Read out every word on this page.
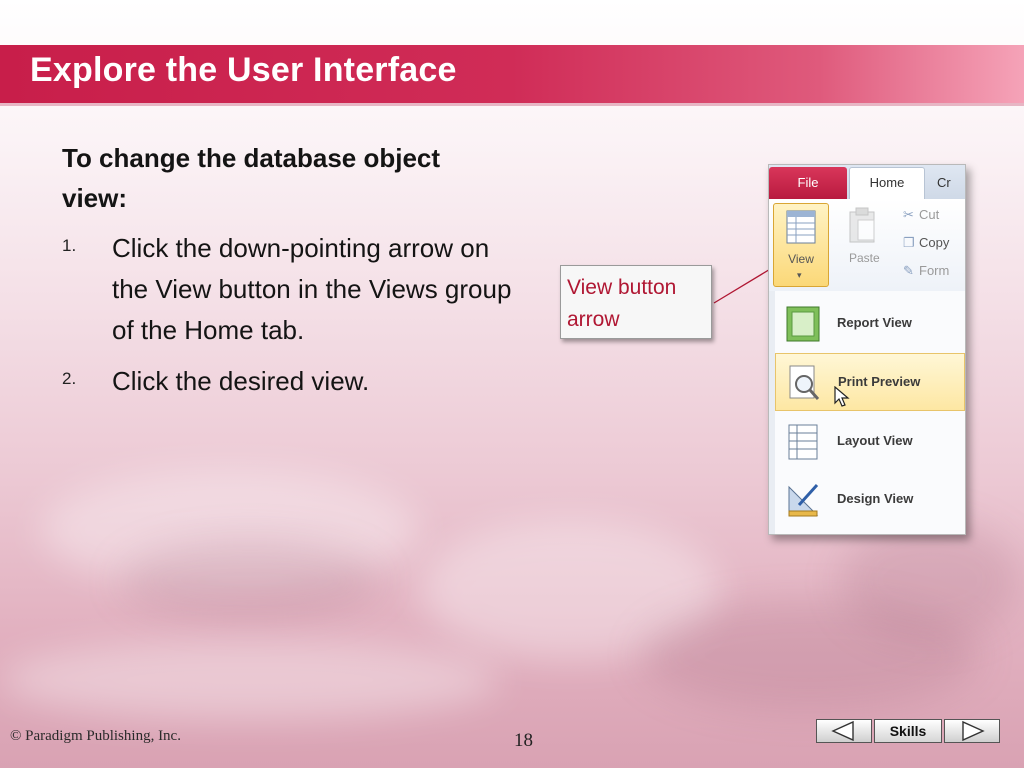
Explore the User Interface

To change the database object view:

1. Click the down-pointing arrow on the View button in the Views group of the Home tab.
2. Click the desired view.
View button
arrow
File	Home	Cr
View
▾
Paste
✂ Cut
❐ Copy
✎ Form
Report View
Print Preview
Layout View
Design View
© Paradigm Publishing, Inc.	18	Skills
